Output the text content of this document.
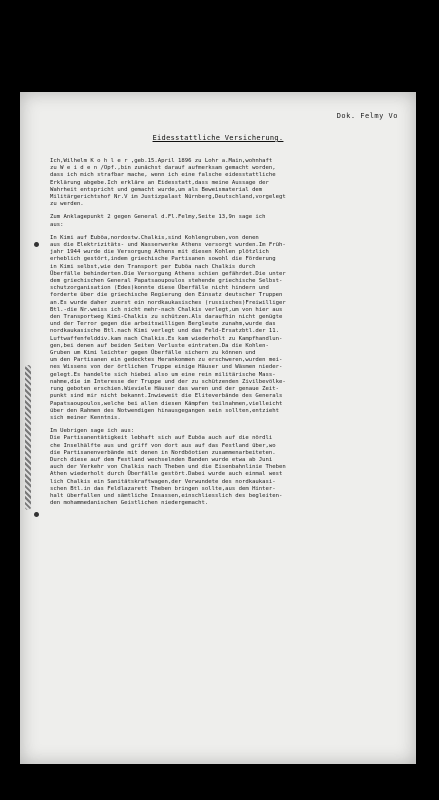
Dok. Felmy Vo
Eidesstattliche Versicherung.
Ich,Wilhelm K o h l e r ,geb.15.April 1896 zu Lohr a.Main,wohnhaft
zu W e i d e n /Opf.,bin zunächst darauf aufmerksam gemacht worden,
dass ich mich strafbar mache, wenn ich eine falsche eidesstattliche
Erklärung abgebe.Ich erkläre an Eidesstatt,dass meine Aussage der
Wahrheit entspricht und gemacht wurde,um als Beweismaterial dem
Militärgerichtshof Nr.V im Justizpalast Nürnberg,Deutschland,vorgelegt
zu werden.
Zum Anklagepunkt 2 gegen General d.Fl.Felmy,Seite 13,9n sage ich
aus:
In Kimi auf Euböa,nordostw.Chalkis,sind Kohlengruben,von denen
aus die Elektrizitäts- und Wasserwerke Athens versorgt wurden.Im Früh-
jahr 1944 wurde die Versorgung Athens mit diesen Kohlen plötzlich
erheblich gestört,indem griechische Partisanen sowohl die Förderung
in Kimi selbst,wie den Transport per Euböa nach Chalkis durch
Überfälle behinderten.Die Versorgung Athens schien gefährdet.Die unter
dem griechischen General Papatsaoupoulos stehende griechische Selbst-
schutzorganisation (Edes)konnte diese Überfälle nicht hindern und
forderte über die griechische Regierung den Einsatz deutscher Truppen
an.Es wurde daher zuerst ein nordkaukasisches (russisches)Freiwilliger
Btl.-die Nr.weiss ich nicht mehr-nach Chalkis verlegt,um von hier aus
den Transportweg Kimi-Chalkis zu schützen.Als daraufhin nicht genügte
und der Terror gegen die arbeitswilligen Bergleute zunahm,wurde das
nordkaukasische Btl.nach Kimi verlegt und das Feld-Ersatzbtl.der 11.
Luftwaffenfelddiv.kam nach Chalkis.Es kam wiederholt zu Kampfhandlun-
gen,bei denen auf beiden Seiten Verluste eintraten.Da die Kohlen-
Gruben um Kimi leichter gegen Überfälle sichern zu können und
um den Partisanen ein gedecktes Herankommen zu erschweren,wurden mei-
nes Wissens von der örtlichen Truppe einige Häuser und Wäsmen nieder-
gelegt.Es handelte sich hiebei also um eine rein militärische Mass-
nahme,die im Interesse der Truppe und der zu schützenden Zivilbevölke-
rung geboten erschien.Wieviele Häuser das waren und der genaue Zeit-
punkt sind mir nicht bekannt.Inwieweit die Eliteverbände des Generals
Papatsaoupoulos,welche bei allen diesen Kämpfen teilnahmen,vielleicht
über den Rahmen des Notwendigen hinausgegangen sein sollten,entzieht
sich meiner Kenntnis.
Im Uebrigen sage ich aus:
Die Partisanentätigkeit lebhaft sich auf Euböa auch auf die nördli
che Inselhälfte aus und griff von dort aus auf das Festland über,wo
die Partisanenverbände mit denen in Nordböotien zusammenarbeiteten.
Durch diese auf dem Festland wechselnden Banden wurde etwa ab Juni
auch der Verkehr von Chalkis nach Theben und die Eisenbahnlinie Theben
Athen wiederholt durch Überfälle gestört.Dabei wurde auch einmal west
lich Chalkis ein Sanitätskraftwagen,der Verwundete des nordkaukasi-
schen Btl.in das Feldlazarett Theben bringen sollte,aus dem Hinter-
halt überfallen und sämtliche Insassen,einschliesslich des begleiten-
den mohammedanischen Geistlichen niedergemacht.
